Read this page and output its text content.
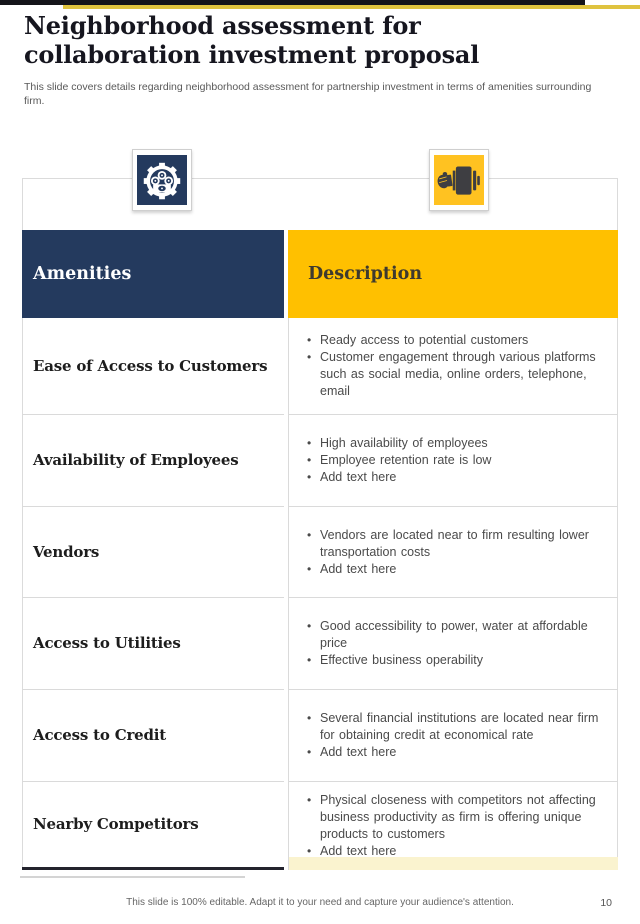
Neighborhood assessment for collaboration investment proposal

This slide covers details regarding neighborhood assessment for partnership investment in terms of amenities surrounding firm.

Amenities	Description
Ease of Access to Customers
• Ready access to potential customers
• Customer engagement through various platforms such as social media, online orders, telephone, email
Availability of Employees
• High availability of employees
• Employee retention rate is low
• Add text here
Vendors
• Vendors are located near to firm resulting lower transportation costs
• Add text here
Access to Utilities
• Good accessibility to power, water at affordable price
• Effective business operability
Access to Credit
• Several financial institutions are located near firm for obtaining credit at economical rate
• Add text here
Nearby Competitors
• Physical closeness with competitors not affecting business productivity as firm is offering unique products to customers
• Add text here
This slide is 100% editable. Adapt it to your need and capture your audience's attention.	10
